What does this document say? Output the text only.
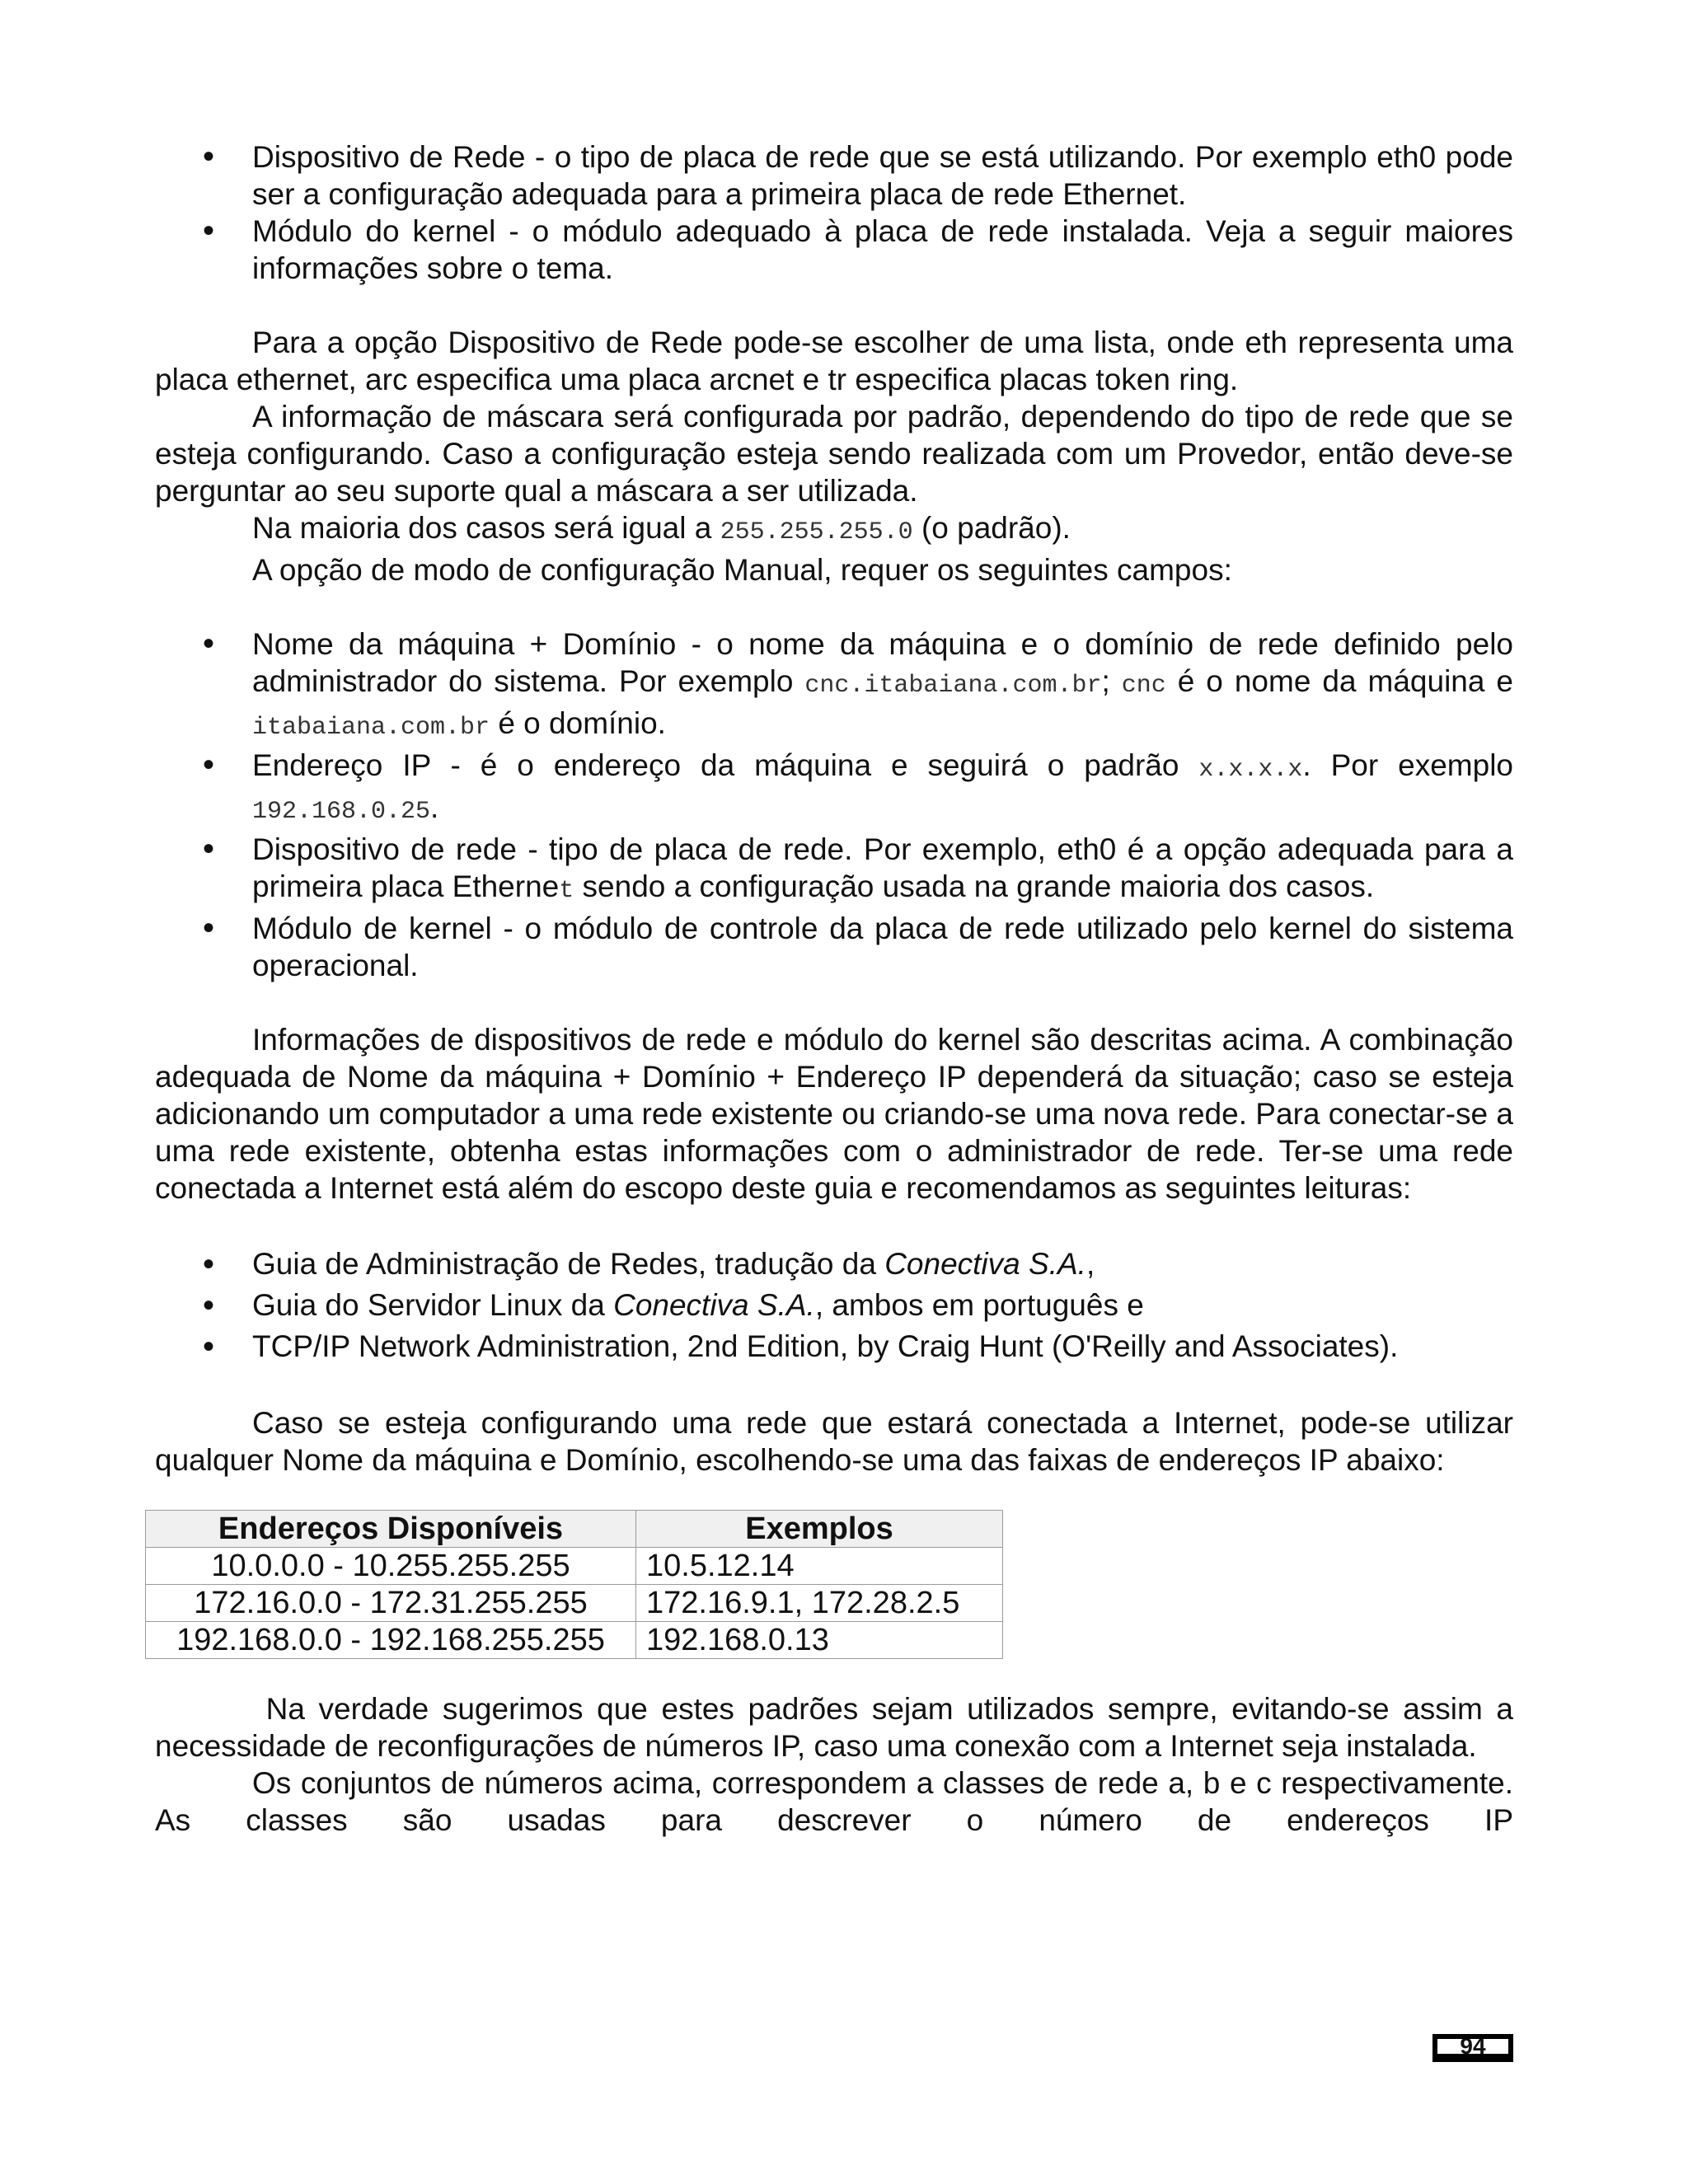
• Dispositivo de Rede - o tipo de placa de rede que se está utilizando. Por exemplo eth0 pode ser a configuração adequada para a primeira placa de rede Ethernet.
• Módulo do kernel - o módulo adequado à placa de rede instalada. Veja a seguir maiores informações sobre o tema.

Para a opção Dispositivo de Rede pode-se escolher de uma lista, onde eth representa uma placa ethernet, arc especifica uma placa arcnet e tr especifica placas token ring.

A informação de máscara será configurada por padrão, dependendo do tipo de rede que se esteja configurando. Caso a configuração esteja sendo realizada com um Provedor, então deve-se perguntar ao seu suporte qual a máscara a ser utilizada.

Na maioria dos casos será igual a 255.255.255.0 (o padrão).

A opção de modo de configuração Manual, requer os seguintes campos:

• Nome da máquina + Domínio - o nome da máquina e o domínio de rede definido pelo administrador do sistema. Por exemplo cnc.itabaiana.com.br; cnc é o nome da máquina e itabaiana.com.br é o domínio.
• Endereço IP - é o endereço da máquina e seguirá o padrão x.x.x.x. Por exemplo 192.168.0.25.
• Dispositivo de rede - tipo de placa de rede. Por exemplo, eth0 é a opção adequada para a primeira placa Ethernet sendo a configuração usada na grande maioria dos casos.
• Módulo de kernel - o módulo de controle da placa de rede utilizado pelo kernel do sistema operacional.

Informações de dispositivos de rede e módulo do kernel são descritas acima. A combinação adequada de Nome da máquina + Domínio + Endereço IP dependerá da situação; caso se esteja adicionando um computador a uma rede existente ou criando-se uma nova rede. Para conectar-se a uma rede existente, obtenha estas informações com o administrador de rede. Ter-se uma rede conectada a Internet está além do escopo deste guia e recomendamos as seguintes leituras:

• Guia de Administração de Redes, tradução da Conectiva S.A.,
• Guia do Servidor Linux da Conectiva S.A., ambos em português e
• TCP/IP Network Administration, 2nd Edition, by Craig Hunt (O'Reilly and Associates).

Caso se esteja configurando uma rede que estará conectada a Internet, pode-se utilizar qualquer Nome da máquina e Domínio, escolhendo-se uma das faixas de endereços IP abaixo:

Endereços Disponíveis	Exemplos
10.0.0.0 - 10.255.255.255	10.5.12.14
172.16.0.0 - 172.31.255.255	172.16.9.1, 172.28.2.5
192.168.0.0 - 192.168.255.255	192.168.0.13

Na verdade sugerimos que estes padrões sejam utilizados sempre, evitando-se assim a necessidade de reconfigurações de números IP, caso uma conexão com a Internet seja instalada.

Os conjuntos de números acima, correspondem a classes de rede a, b e c respectivamente. As classes são usadas para descrever o número de endereços IP

94
